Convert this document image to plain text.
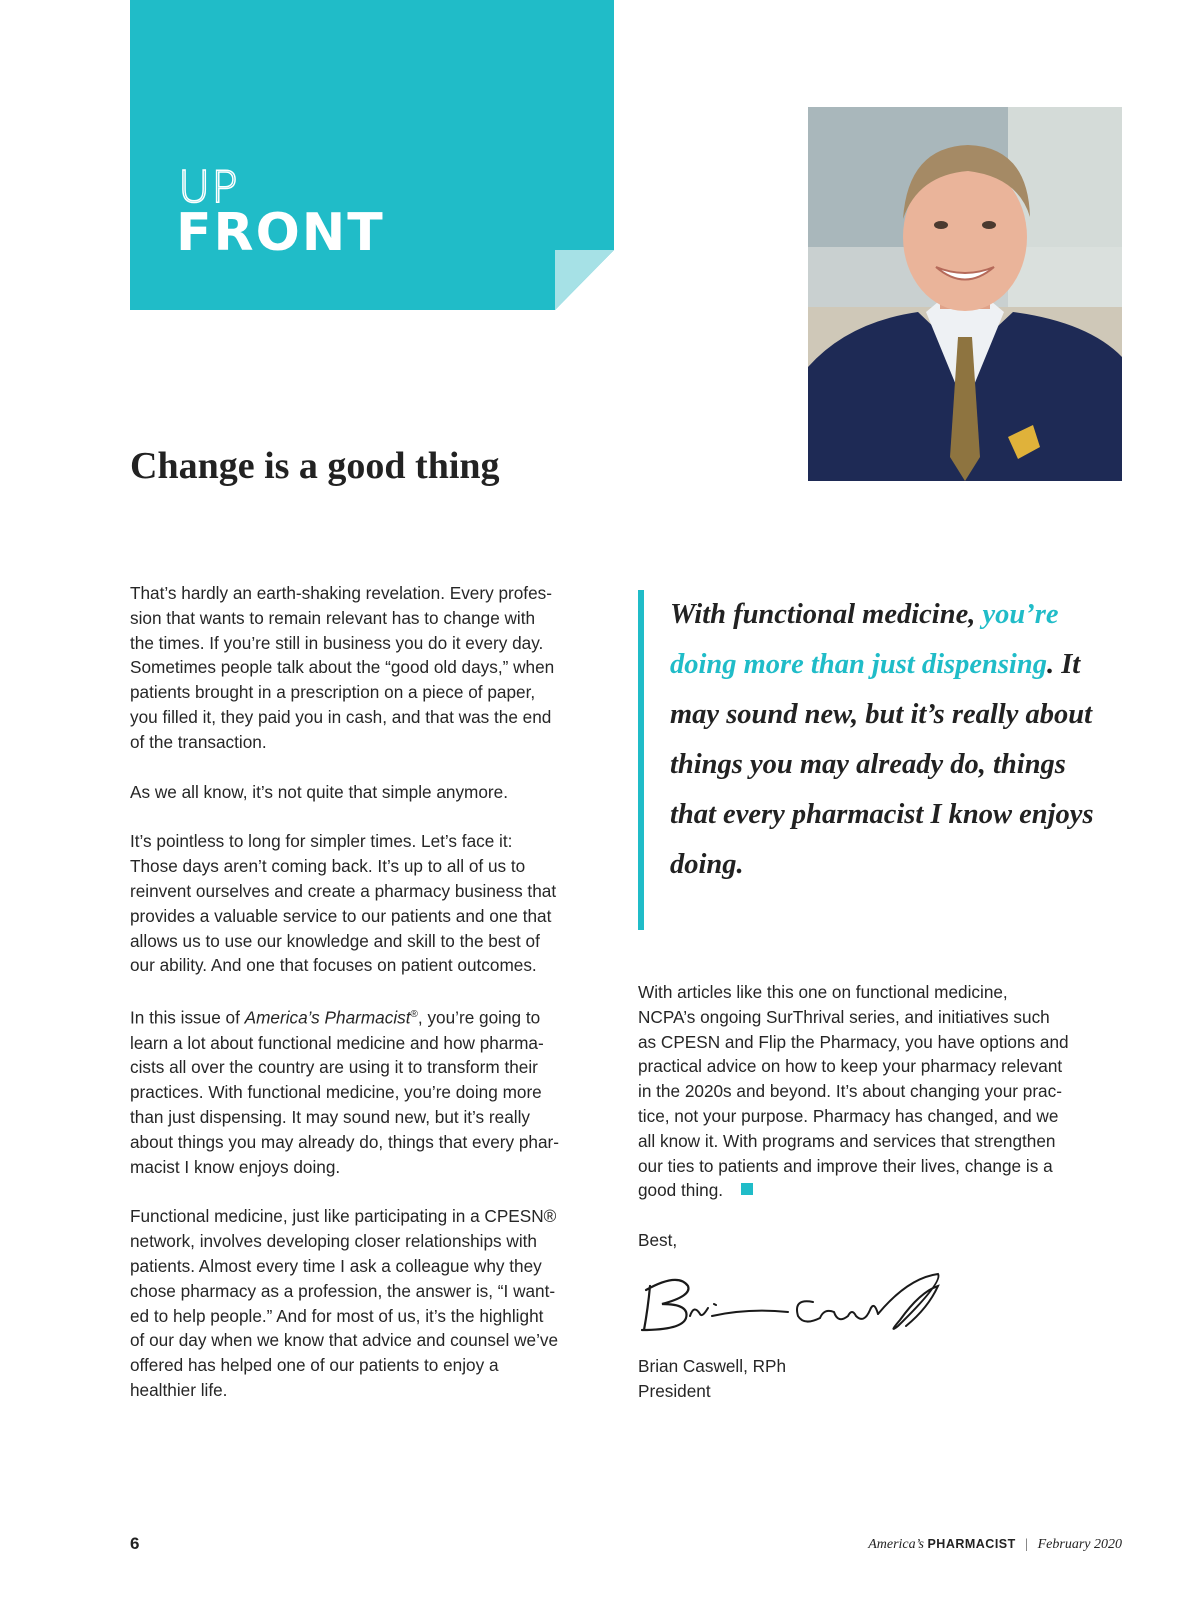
UP
FRONT
Change is a good thing

That’s hardly an earth-shaking revelation. Every profes-
sion that wants to remain relevant has to change with
the times. If you’re still in business you do it every day.
Sometimes people talk about the “good old days,” when
patients brought in a prescription on a piece of paper,
you filled it, they paid you in cash, and that was the end
of the transaction.

As we all know, it’s not quite that simple anymore.

It’s pointless to long for simpler times. Let’s face it:
Those days aren’t coming back. It’s up to all of us to
reinvent ourselves and create a pharmacy business that
provides a valuable service to our patients and one that
allows us to use our knowledge and skill to the best of
our ability. And one that focuses on patient outcomes.

In this issue of America’s Pharmacist®, you’re going to
learn a lot about functional medicine and how pharma-
cists all over the country are using it to transform their
practices. With functional medicine, you’re doing more
than just dispensing. It may sound new, but it’s really
about things you may already do, things that every phar-
macist I know enjoys doing.

Functional medicine, just like participating in a CPESN®
network, involves developing closer relationships with
patients. Almost every time I ask a colleague why they
chose pharmacy as a profession, the answer is, “I want-
ed to help people.” And for most of us, it’s the highlight
of our day when we know that advice and counsel we’ve
offered has helped one of our patients to enjoy a
healthier life.

With functional medicine, you’re doing more than just dispensing. It may sound new, but it’s really about things you may already do, things that every pharmacist I know enjoys doing.

With articles like this one on functional medicine,
NCPA’s ongoing SurThrival series, and initiatives such
as CPESN and Flip the Pharmacy, you have options and
practical advice on how to keep your pharmacy relevant
in the 2020s and beyond. It’s about changing your prac-
tice, not your purpose. Pharmacy has changed, and we
all know it. With programs and services that strengthen
our ties to patients and improve their lives, change is a
good thing.

Best,

Brian Caswell, RPh
President
6	America’s PHARMACIST | February 2020
